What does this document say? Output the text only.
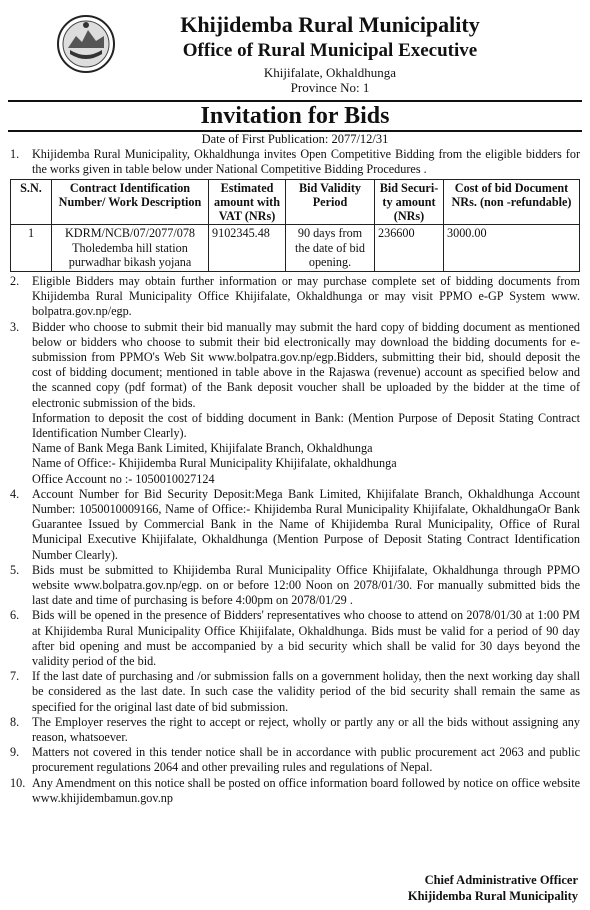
Khijidemba Rural Municipality
Office of Rural Municipal Executive
Khijifalate, Okhaldhunga
Province No: 1
Invitation for Bids
Date of First Publication: 2077/12/31
1.	Khijidemba Rural Municipality, Okhaldhunga invites Open Competitive Bidding from the eligible bidders for the works given in table below under National Competitive Bidding Procedures .
S.N.	Contract Identification Number/ Work Description	Estimated amount with VAT (NRs)	Bid Validity Period	Bid Securi-ty amount (NRs)	Cost of bid Document NRs. (non -refundable)
1	KDRM/NCB/07/2077/078 Tholedemba hill station purwadhar bikash yojana	9102345.48	90 days from the date of bid opening.	236600	3000.00
2.	Eligible Bidders may obtain further information or may purchase complete set of bidding documents from Khijidemba Rural Municipality Office Khijifalate, Okhaldhunga or may visit PPMO e-GP System www. bolpatra.gov.np/egp.
3.	Bidder who choose to submit their bid manually may submit the hard copy of bidding document as mentioned below or bidders who choose to submit their bid electronically may download the bidding documents for e-submission from PPMO's Web Sit www.bolpatra.gov.np/egp.Bidders, submitting their bid, should deposit the cost of bidding document; mentioned in table above in the Rajaswa (revenue) account as specified below and the scanned copy (pdf format) of the Bank deposit voucher shall be uploaded by the bidder at the time of electronic submission of the bids.
Information to deposit the cost of bidding document in Bank: (Mention Purpose of Deposit Stating Contract Identification Number Clearly).
Name of Bank Mega Bank Limited, Khijifalate Branch, Okhaldhunga
Name of Office:- Khijidemba Rural Municipality Khijifalate, okhaldhunga
Office Account no :- 1050010027124
4.	Account Number for Bid Security Deposit:Mega Bank Limited, Khijifalate Branch, Okhaldhunga Account Number: 1050010009166, Name of Office:- Khijidemba Rural Municipality Khijifalate, OkhaldhungaOr Bank Guarantee Issued by Commercial Bank in the Name of Khijidemba Rural Municipality, Office of Rural Municipal Executive Khijifalate, Okhaldhunga (Mention Purpose of Deposit Stating Contract Identification Number Clearly).
5.	Bids must be submitted to Khijidemba Rural Municipality Office Khijifalate, Okhaldhunga through PPMO website www.bolpatra.gov.np/egp. on or before 12:00 Noon on 2078/01/30. For manually submitted bids the last date and time of purchasing is before 4:00pm on 2078/01/29 .
6.	Bids will be opened in the presence of Bidders' representatives who choose to attend on 2078/01/30 at 1:00 PM at Khijidemba Rural Municipality Office Khijifalate, Okhaldhunga. Bids must be valid for a period of 90 day after bid opening and must be accompanied by a bid security which shall be valid for 30 days beyond the validity period of the bid.
7.	If the last date of purchasing and /or submission falls on a government holiday, then the next working day shall be considered as the last date. In such case the validity period of the bid security shall remain the same as specified for the original last date of bid submission.
8.	The Employer reserves the right to accept or reject, wholly or partly any or all the bids without assigning any reason, whatsoever.
9.	Matters not covered in this tender notice shall be in accordance with public procurement act 2063 and public procurement regulations 2064 and other prevailing rules and regulations of Nepal.
10. Any Amendment on this notice shall be posted on office information board followed by notice on office website www.khijidembamun.gov.np
Chief Administrative Officer
Khijidemba Rural Municipality
